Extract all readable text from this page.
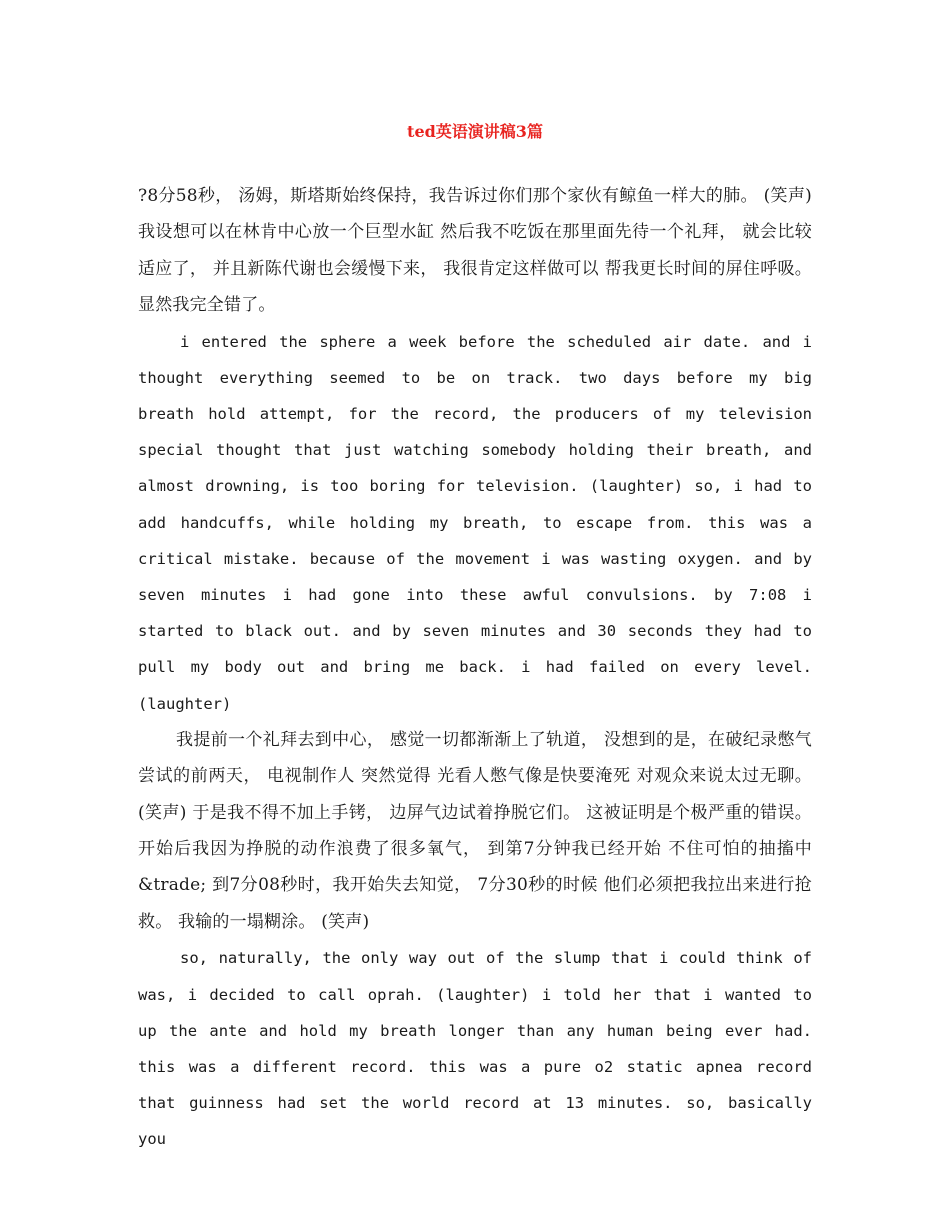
ted英语演讲稿3篇

?8分58秒， 汤姆，斯塔斯始终保持，我告诉过你们那个家伙有鲸鱼一样大的肺。 (笑声) 我设想可以在林肯中心放一个巨型水缸 然后我不吃饭在那里面先待一个礼拜， 就会比较适应了， 并且新陈代谢也会缓慢下来， 我很肯定这样做可以 帮我更长时间的屏住呼吸。 显然我完全错了。

i entered the sphere a week before the scheduled air date. and i thought everything seemed to be on track. two days before my big breath hold attempt, for the record, the producers of my television special thought that just watching somebody holding their breath, and almost drowning, is too boring for television. (laughter) so, i had to add handcuffs, while holding my breath, to escape from. this was a critical mistake. because of the movement i was wasting oxygen. and by seven minutes i had gone into these awful convulsions. by 7:08 i started to black out. and by seven minutes and 30 seconds they had to pull my body out and bring me back. i had failed on every level. (laughter)

我提前一个礼拜去到中心， 感觉一切都渐渐上了轨道， 没想到的是，在破纪录憋气尝试的前两天， 电视制作人 突然觉得 光看人憋气像是快要淹死 对观众来说太过无聊。 (笑声) 于是我不得不加上手铐， 边屏气边试着挣脱它们。 这被证明是个极严重的错误。 开始后我因为挣脱的动作浪费了很多氧气， 到第7分钟我已经开始 不住可怕的抽搐中&trade; 到7分08秒时，我开始失去知觉， 7分30秒的时候 他们必须把我拉出来进行抢救。 我输的一塌糊涂。 (笑声)

so, naturally, the only way out of the slump that i could think of was, i decided to call oprah. (laughter) i told her that i wanted to up the ante and hold my breath longer than any human being ever had. this was a different record. this was a pure o2 static apnea record that guinness had set the world record at 13 minutes. so, basically you
